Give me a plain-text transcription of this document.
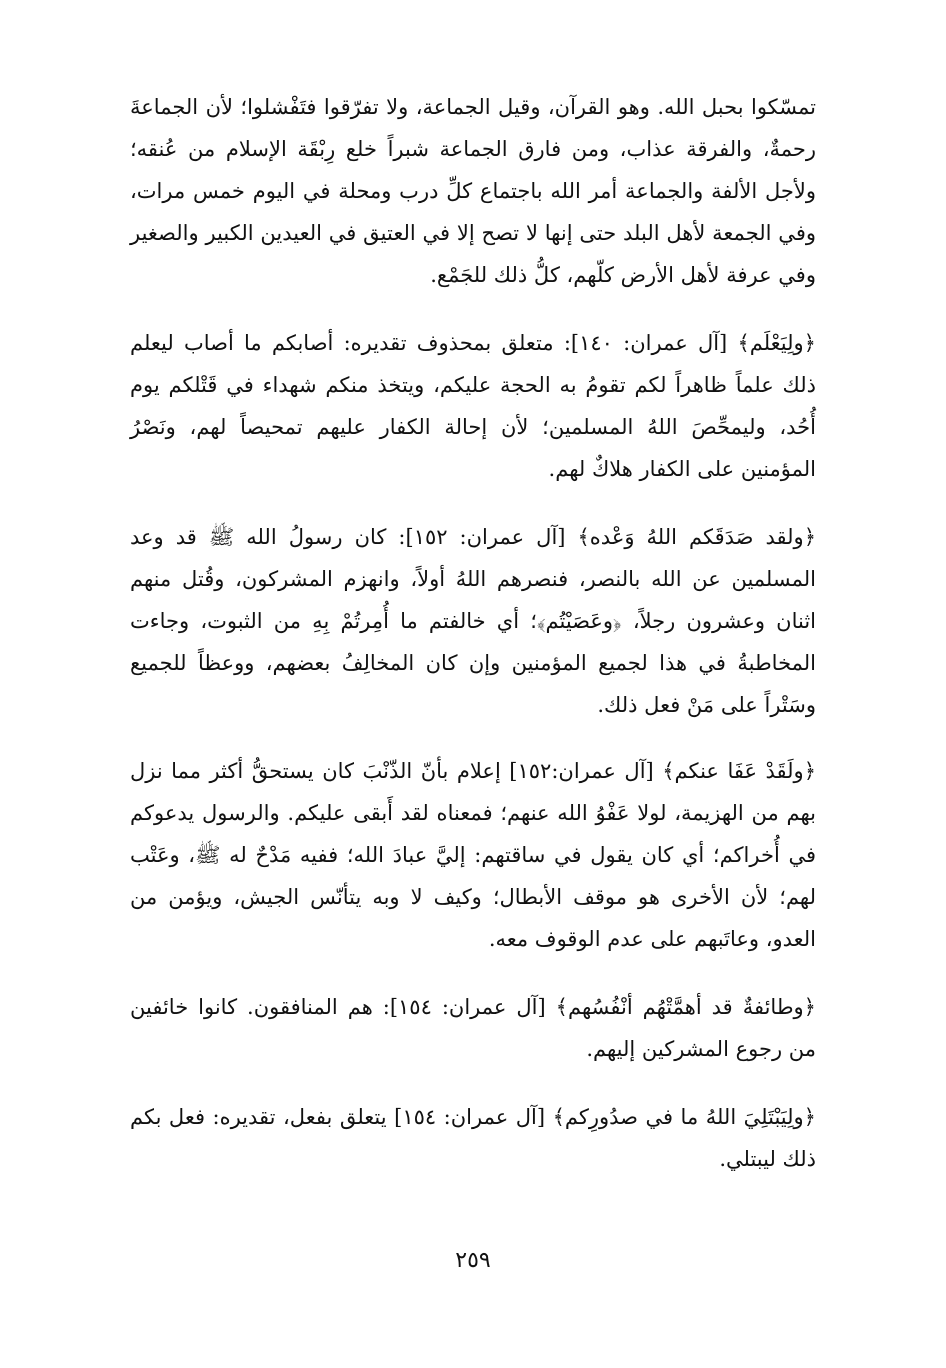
تمسّكوا بحبل الله. وهو القرآن، وقيل الجماعة، ولا تفرّقوا فتَفْشلوا؛ لأن الجماعةَ رحمةٌ، والفرقة عذاب، ومن فارق الجماعة شبراً خلع رِبْقَة الإسلام من عُنقه؛ ولأجل الألفة والجماعة أمر الله باجتماع كلِّ درب ومحلة في اليوم خمس مرات، وفي الجمعة لأهل البلد حتى إنها لا تصح إلا في العتيق في العيدين الكبير والصغير وفي عرفة لأهل الأرض كلّهم، كلُّ ذلك للجَمْع.

﴿ولِيَعْلَم﴾ [آل عمران: ١٤٠]: متعلق بمحذوف تقديره: أصابكم ما أصاب ليعلم ذلك علماً ظاهراً لكم تقومُ به الحجة عليكم، ويتخذ منكم شهداء في قَتْلكم يوم أُحُد، وليمحِّصَ اللهُ المسلمين؛ لأن إحالة الكفار عليهم تمحيصاً لهم، ونَصْرُ المؤمنين على الكفار هلاكٌ لهم.

﴿ولقد صَدَقَكم اللهُ وَعْده﴾ [آل عمران: ١٥٢]: كان رسولُ الله ﷺ قد وعد المسلمين عن الله بالنصر، فنصرهم اللهُ أولاً، وانهزم المشركون، وقُتل منهم اثنان وعشرون رجلاً، ﴿وعَصَيْتُم﴾؛ أي خالفتم ما أُمِرتُمْ بِهِ من الثبوت، وجاءت المخاطبةُ في هذا لجميع المؤمنين وإن كان المخالِفُ بعضهم، ووعظاً للجميع وسَتْراً على مَنْ فعل ذلك.

﴿ولَقَدْ عَفَا عنكم﴾ [آل عمران:١٥٢] إعلام بأنّ الذّنْبَ كان يستحقُّ أكثر مما نزل بهم من الهزيمة، لولا عَفْوُ الله عنهم؛ فمعناه لقد أَبقى عليكم. والرسول يدعوكم في أُخراكم؛ أي كان يقول في ساقتهم: إليَّ عبادَ الله؛ ففيه مَدْحٌ له ﷺ، وعَتْب لهم؛ لأن الأخرى هو موقف الأبطال؛ وكيف لا وبه يتأنّس الجيش، ويؤمن من العدو، وعاتَبهم على عدم الوقوف معه.

﴿وطائفةٌ قد أهمَّتْهُم أنْفُسُهم﴾ [آل عمران: ١٥٤]: هم المنافقون. كانوا خائفين من رجوع المشركين إليهم.

﴿ولِيَبْتَلِيَ اللهُ ما في صدُورِكم﴾ [آل عمران: ١٥٤] يتعلق بفعل، تقديره: فعل بكم ذلك ليبتلي.

٢٥٩
